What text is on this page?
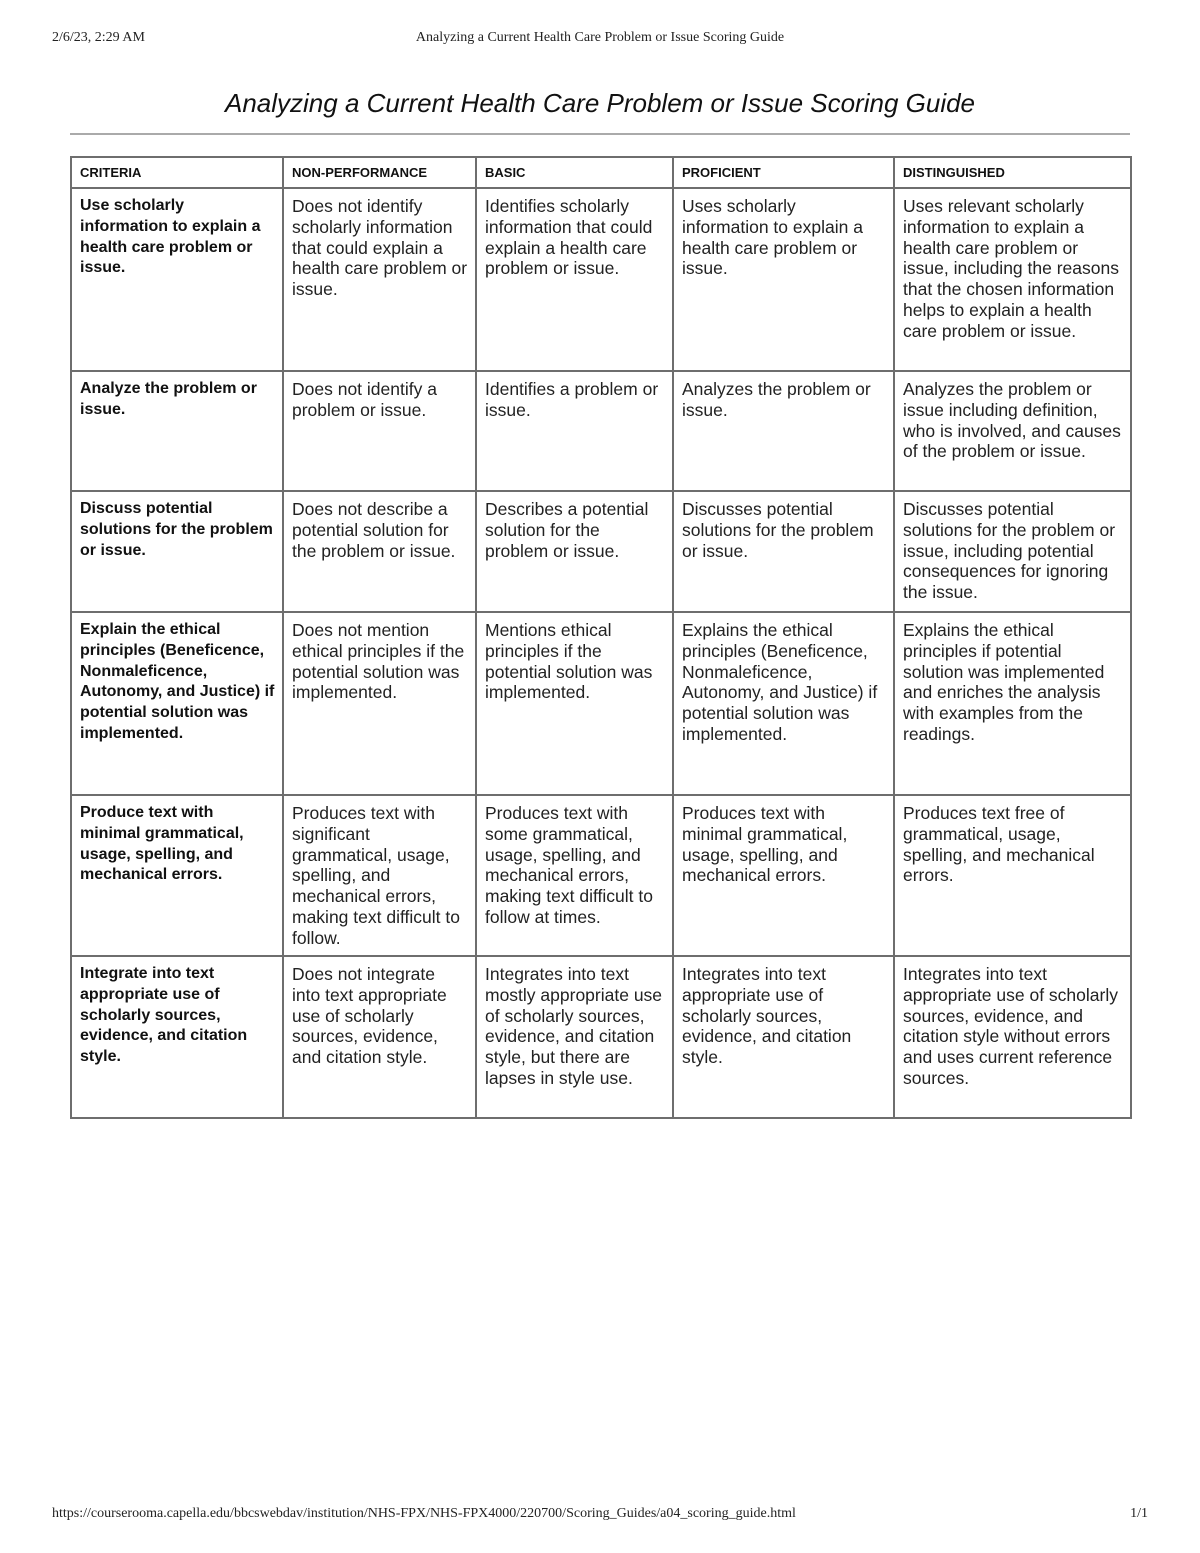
2/6/23, 2:29 AM	Analyzing a Current Health Care Problem or Issue Scoring Guide
Analyzing a Current Health Care Problem or Issue Scoring Guide
CRITERIA	NON-PERFORMANCE	BASIC	PROFICIENT	DISTINGUISHED
Use scholarly information to explain a health care problem or issue.	Does not identify scholarly information that could explain a health care problem or issue.	Identifies scholarly information that could explain a health care problem or issue.	Uses scholarly information to explain a health care problem or issue.	Uses relevant scholarly information to explain a health care problem or issue, including the reasons that the chosen information helps to explain a health care problem or issue.
Analyze the problem or issue.	Does not identify a problem or issue.	Identifies a problem or issue.	Analyzes the problem or issue.	Analyzes the problem or issue including definition, who is involved, and causes of the problem or issue.
Discuss potential solutions for the problem or issue.	Does not describe a potential solution for the problem or issue.	Describes a potential solution for the problem or issue.	Discusses potential solutions for the problem or issue.	Discusses potential solutions for the problem or issue, including potential consequences for ignoring the issue.
Explain the ethical principles (Beneficence, Nonmaleficence, Autonomy, and Justice) if potential solution was implemented.	Does not mention ethical principles if the potential solution was implemented.	Mentions ethical principles if the potential solution was implemented.	Explains the ethical principles (Beneficence, Nonmaleficence, Autonomy, and Justice) if potential solution was implemented.	Explains the ethical principles if potential solution was implemented and enriches the analysis with examples from the readings.
Produce text with minimal grammatical, usage, spelling, and mechanical errors.	Produces text with significant grammatical, usage, spelling, and mechanical errors, making text difficult to follow.	Produces text with some grammatical, usage, spelling, and mechanical errors, making text difficult to follow at times.	Produces text with minimal grammatical, usage, spelling, and mechanical errors.	Produces text free of grammatical, usage, spelling, and mechanical errors.
Integrate into text appropriate use of scholarly sources, evidence, and citation style.	Does not integrate into text appropriate use of scholarly sources, evidence, and citation style.	Integrates into text mostly appropriate use of scholarly sources, evidence, and citation style, but there are lapses in style use.	Integrates into text appropriate use of scholarly sources, evidence, and citation style.	Integrates into text appropriate use of scholarly sources, evidence, and citation style without errors and uses current reference sources.
https://courseroomа.capella.edu/bbcswebdav/institution/NHS-FPX/NHS-FPX4000/220700/Scoring_Guides/a04_scoring_guide.html	1/1
